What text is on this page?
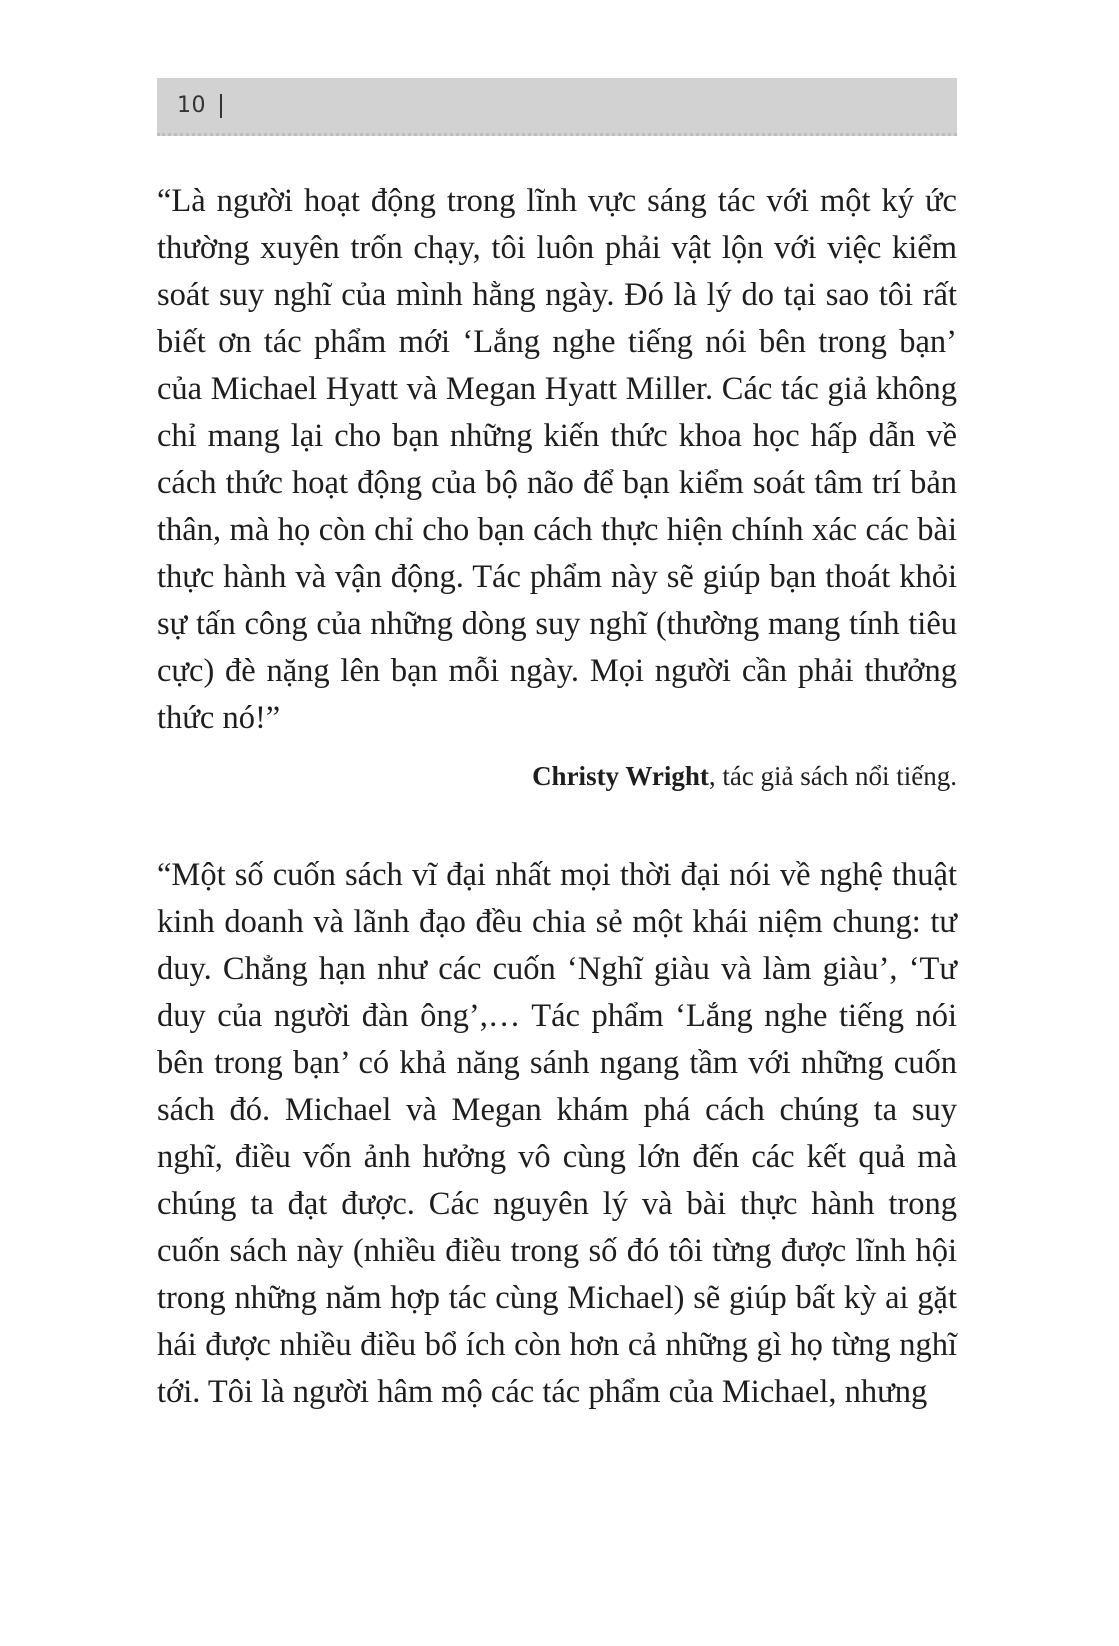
10

“Là người hoạt động trong lĩnh vực sáng tác với một ký ức thường xuyên trốn chạy, tôi luôn phải vật lộn với việc kiểm soát suy nghĩ của mình hằng ngày. Đó là lý do tại sao tôi rất biết ơn tác phẩm mới ‘Lắng nghe tiếng nói bên trong bạn’ của Michael Hyatt và Megan Hyatt Miller. Các tác giả không chỉ mang lại cho bạn những kiến thức khoa học hấp dẫn về cách thức hoạt động của bộ não để bạn kiểm soát tâm trí bản thân, mà họ còn chỉ cho bạn cách thực hiện chính xác các bài thực hành và vận động. Tác phẩm này sẽ giúp bạn thoát khỏi sự tấn công của những dòng suy nghĩ (thường mang tính tiêu cực) đè nặng lên bạn mỗi ngày. Mọi người cần phải thưởng thức nó!”

Christy Wright, tác giả sách nổi tiếng.

“Một số cuốn sách vĩ đại nhất mọi thời đại nói về nghệ thuật kinh doanh và lãnh đạo đều chia sẻ một khái niệm chung: tư duy. Chẳng hạn như các cuốn ‘Nghĩ giàu và làm giàu’, ‘Tư duy của người đàn ông’,… Tác phẩm ‘Lắng nghe tiếng nói bên trong bạn’ có khả năng sánh ngang tầm với những cuốn sách đó. Michael và Megan khám phá cách chúng ta suy nghĩ, điều vốn ảnh hưởng vô cùng lớn đến các kết quả mà chúng ta đạt được. Các nguyên lý và bài thực hành trong cuốn sách này (nhiều điều trong số đó tôi từng được lĩnh hội trong những năm hợp tác cùng Michael) sẽ giúp bất kỳ ai gặt hái được nhiều điều bổ ích còn hơn cả những gì họ từng nghĩ tới. Tôi là người hâm mộ các tác phẩm của Michael, nhưng
